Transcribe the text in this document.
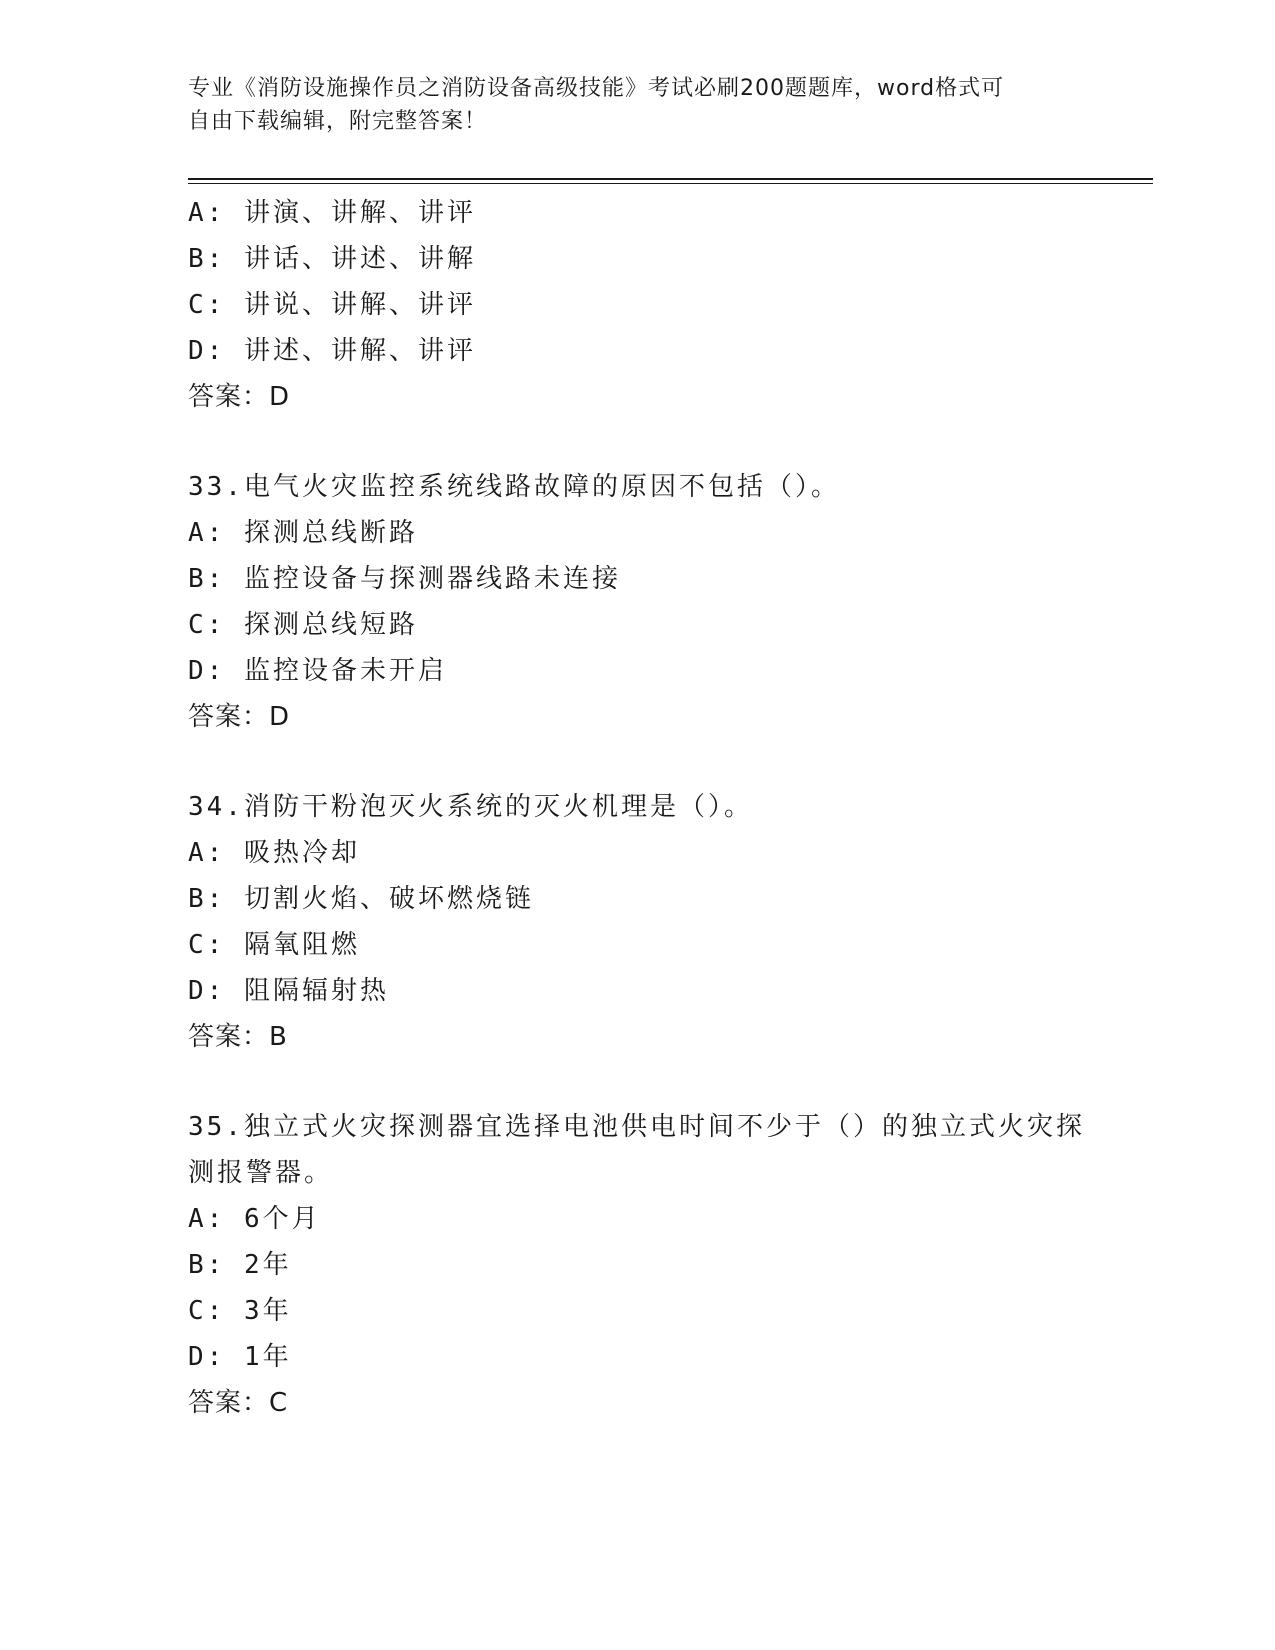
专业《消防设施操作员之消防设备高级技能》考试必刷200题题库，word格式可
自由下载编辑，附完整答案！
A: 讲演、讲解、讲评
B: 讲话、讲述、讲解
C: 讲说、讲解、讲评
D: 讲述、讲解、讲评
答案：D
33.电气火灾监控系统线路故障的原因不包括（）。
A: 探测总线断路
B: 监控设备与探测器线路未连接
C: 探测总线短路
D: 监控设备未开启
答案：D
34.消防干粉泡灭火系统的灭火机理是（）。
A: 吸热冷却
B: 切割火焰、破坏燃烧链
C: 隔氧阻燃
D: 阻隔辐射热
答案：B
35.独立式火灾探测器宜选择电池供电时间不少于（）的独立式火灾探
测报警器。
A: 6个月
B: 2年
C: 3年
D: 1年
答案：C
